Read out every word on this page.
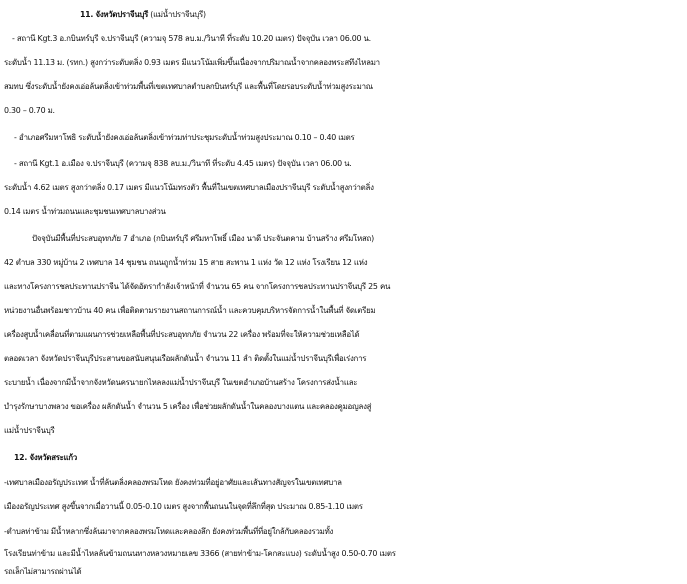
11. จังหวัดปราจีนบุรี (แม่น้ำปราจีนบุรี)
- สถานี Kgt.3 อ.กบินทร์บุรี จ.ปราจีนบุรี (ความจุ 578 ลบ.ม./วินาที ที่ระดับ 10.20 เมตร) ปัจจุบัน เวลา 06.00 น.
ระดับน้ำ 11.13 ม. (รทก.) สูงกว่าระดับตลิ่ง 0.93 เมตร มีแนวโน้มเพิ่มขึ้นเนื่องจากปริมาณน้ำจากคลองพระสทึงไหลมา
สมทบ ซึ่งระดับน้ำยังคงเอ่อล้นตลิ่งเข้าท่วมพื้นที่เขตเทศบาลตำบลกบินทร์บุรี และพื้นที่โดยรอบระดับน้ำท่วมสูงระมาณ
0.30 – 0.70 ม.
- อำเภอศรีมหาโพธิ ระดับน้ำยังคงเอ่อล้นตลิ่งเข้าท่วมท่าประชุมระดับน้ำท่วมสูงประมาณ 0.10 – 0.40 เมตร
- สถานี Kgt.1 อ.เมือง จ.ปราจีนบุรี (ความจุ 838 ลบ.ม./วินาที ที่ระดับ 4.45 เมตร) ปัจจุบัน เวลา 06.00 น.
ระดับน้ำ 4.62 เมตร สูงกว่าตลิ่ง 0.17 เมตร มีแนวโน้มทรงตัว พื้นที่ในเขตเทศบาลเมืองปราจีนบุรี ระดับน้ำสูงกว่าตลิ่ง
0.14 เมตร น้ำท่วมถนนและชุมชนเทศบาลบางส่วน
ปัจจุบันมีพื้นที่ประสบอุทกภัย 7 อำเภอ (กบินทร์บุรี ศรีมหาโพธิ์ เมือง นาดี ประจันตคาม บ้านสร้าง ศรีมโหสถ)
42 ตำบล 330 หมู่บ้าน 2 เทศบาล 14 ชุมชน ถนนถูกน้ำท่วม 15 สาย สะพาน 1 แห่ง วัด 12 แห่ง โรงเรียน 12 แห่ง
และทางโครงการชลประทานปราจีน ได้จัดอัตรากำลังเจ้าหน้าที่ จำนวน 65 คน จากโครงการชลประทานปราจีนบุรี 25 คน
หน่วยงานอื่นพร้อมชาวบ้าน 40 คน เพื่อติดตามรายงานสถานการณ์น้ำ และควบคุมบริหารจัดการน้ำในพื้นที่ จัดเตรียม
เครื่องสูบน้ำเคลื่อนที่ตามแผนการช่วยเหลือพื้นที่ประสบอุทกภัย จำนวน 22 เครื่อง พร้อมที่จะให้ความช่วยเหลือได้
ตลอดเวลา จังหวัดปราจีนบุรีประสานขอสนับสนุนเรือผลักดันน้ำ จำนวน 11 ลำ ติดตั้งในแม่น้ำปราจีนบุรีเพื่อเร่งการ
ระบายน้ำ เนื่องจากมีน้ำจากจังหวัดนครนายกไหลลงแม่น้ำปราจีนบุรี ในเขตอำเภอบ้านสร้าง โครงการส่งน้ำและ
บำรุงรักษาบางพลวง ขอเครื่อง ผลักดันน้ำ จำนวน 5 เครื่อง เพื่อช่วยผลักดันน้ำในคลองบางแตน และคลองคูมอญลงสู่
แม่น้ำปราจีนบุรี
12. จังหวัดสระแก้ว
-เทศบาลเมืองอรัญประเทศ น้ำที่ล้นตลิ่งคลองพรมโหด ยังคงท่วมที่อยู่อาศัยและเส้นทางสัญจรในเขตเทศบาล
เมืองอรัญประเทศ สูงขึ้นจากเมื่อวานนี้ 0.05-0.10 เมตร สูงจากพื้นถนนในจุดที่ลึกที่สุด ประมาณ 0.85-1.10 เมตร
-ตำบลท่าข้าม มีน้ำหลากซึ่งล้นมาจากคลองพรมโหดและคลองลึก ยังคงท่วมพื้นที่ที่อยู่ใกล้กับคลองรวมทั้ง
โรงเรียนท่าข้าม และมีน้ำไหลล้นข้ามถนนทางหลวงหมายเลข 3366 (สายท่าข้าม-โคกสะแบง) ระดับน้ำสูง 0.50-0.70 เมตร
รถเล็กไม่สามารถผ่านได้
